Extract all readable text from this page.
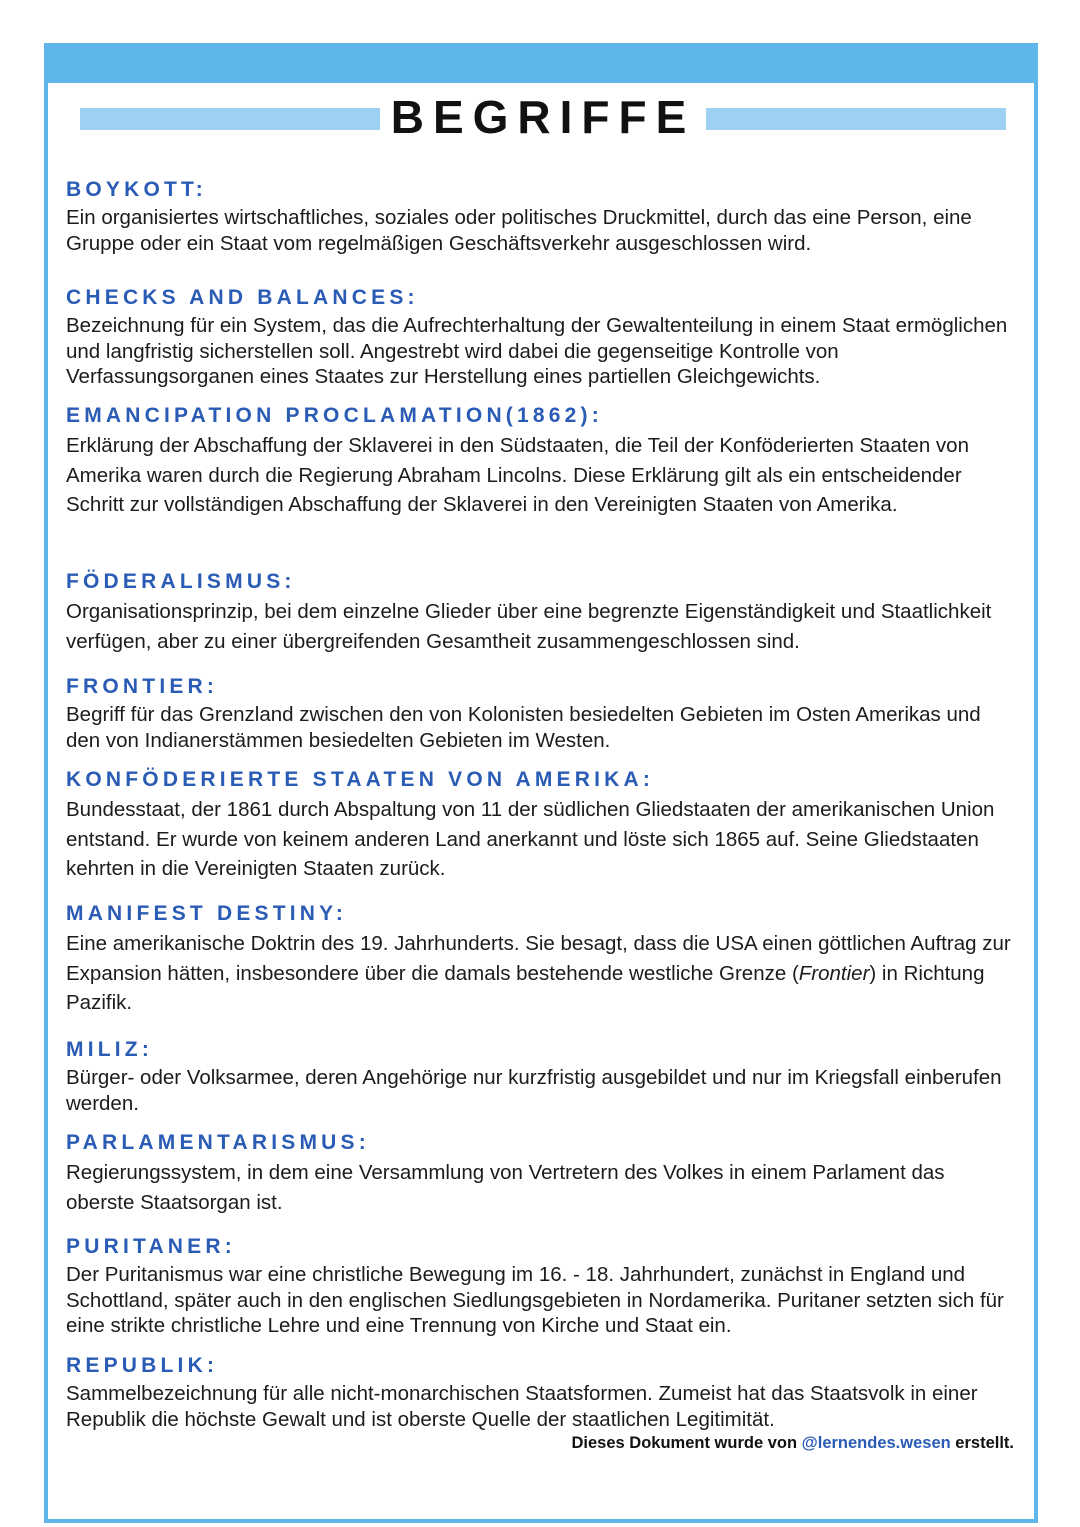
BEGRIFFE
BOYKOTT:
Ein organisiertes wirtschaftliches, soziales oder politisches Druckmittel, durch das eine Person, eine Gruppe oder ein Staat vom regelmäßigen Geschäftsverkehr ausgeschlossen wird.
CHECKS AND BALANCES:
Bezeichnung für ein System, das die Aufrechterhaltung der Gewaltenteilung in einem Staat ermöglichen und langfristig sicherstellen soll. Angestrebt wird dabei die gegenseitige Kontrolle von Verfassungsorganen eines Staates zur Herstellung eines partiellen Gleichgewichts.
EMANCIPATION PROCLAMATION(1862):
Erklärung der Abschaffung der Sklaverei in den Südstaaten, die Teil der Konföderierten Staaten von Amerika waren durch die Regierung Abraham Lincolns. Diese Erklärung gilt als ein entscheidender Schritt zur vollständigen Abschaffung der Sklaverei in den Vereinigten Staaten von Amerika.
FÖDERALISMUS:
Organisationsprinzip, bei dem einzelne Glieder über eine begrenzte Eigenständigkeit und Staatlichkeit verfügen, aber zu einer übergreifenden Gesamtheit zusammengeschlossen sind.
FRONTIER:
Begriff für das Grenzland zwischen den von Kolonisten besiedelten Gebieten im Osten Amerikas und den von Indianerstämmen besiedelten Gebieten im Westen.
KONFÖDERIERTE STAATEN VON AMERIKA:
Bundesstaat, der 1861 durch Abspaltung von 11 der südlichen Gliedstaaten der amerikanischen Union entstand. Er wurde von keinem anderen Land anerkannt und löste sich 1865 auf. Seine Gliedstaaten kehrten in die Vereinigten Staaten zurück.
MANIFEST DESTINY:
Eine amerikanische Doktrin des 19. Jahrhunderts. Sie besagt, dass die USA einen göttlichen Auftrag zur Expansion hätten, insbesondere über die damals bestehende westliche Grenze (Frontier) in Richtung Pazifik.
MILIZ:
Bürger- oder Volksarmee, deren Angehörige nur kurzfristig ausgebildet und nur im Kriegsfall einberufen werden.
PARLAMENTARISMUS:
Regierungssystem, in dem eine Versammlung von Vertretern des Volkes in einem Parlament das oberste Staatsorgan ist.
PURITANER:
Der Puritanismus war eine christliche Bewegung im 16. - 18. Jahrhundert, zunächst in England und Schottland, später auch in den englischen Siedlungsgebieten in Nordamerika. Puritaner setzten sich für eine strikte christliche Lehre und eine Trennung von Kirche und Staat ein.
REPUBLIK:
Sammelbezeichnung für alle nicht-monarchischen Staatsformen. Zumeist hat das Staatsvolk in einer Republik die höchste Gewalt und ist oberste Quelle der staatlichen Legitimität.
Dieses Dokument wurde von @lernendes.wesen erstellt.
